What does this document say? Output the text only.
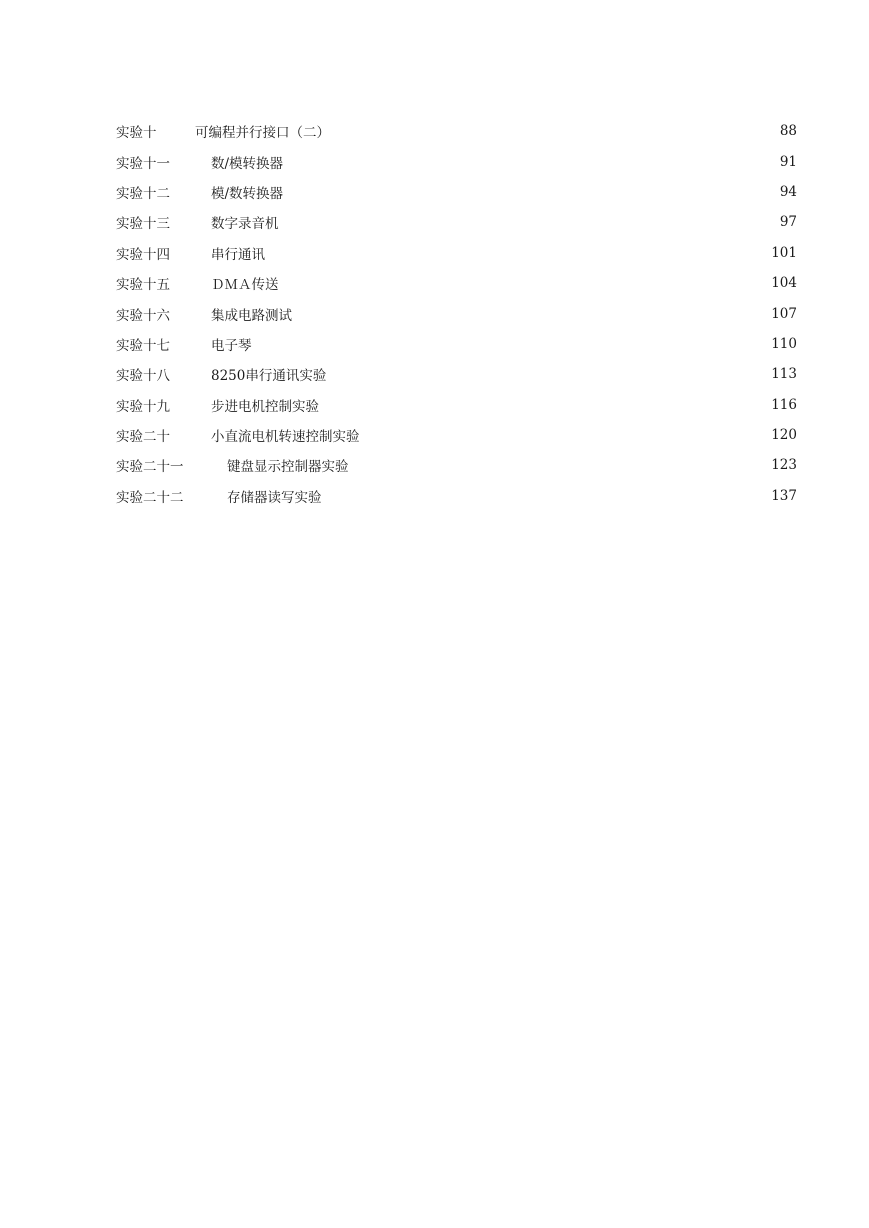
实验十	可编程并行接口（二）	88
实验十一	数/模转换器	91
实验十二	模/数转换器	94
实验十三	数字录音机	97
实验十四	串行通讯	101
实验十五	ＤＭＡ传送	104
实验十六	集成电路测试	107
实验十七	电子琴	110
实验十八	8250串行通讯实验	113
实验十九	步进电机控制实验	116
实验二十	小直流电机转速控制实验	120
实验二十一	键盘显示控制器实验	123
实验二十二	存储器读写实验	137
